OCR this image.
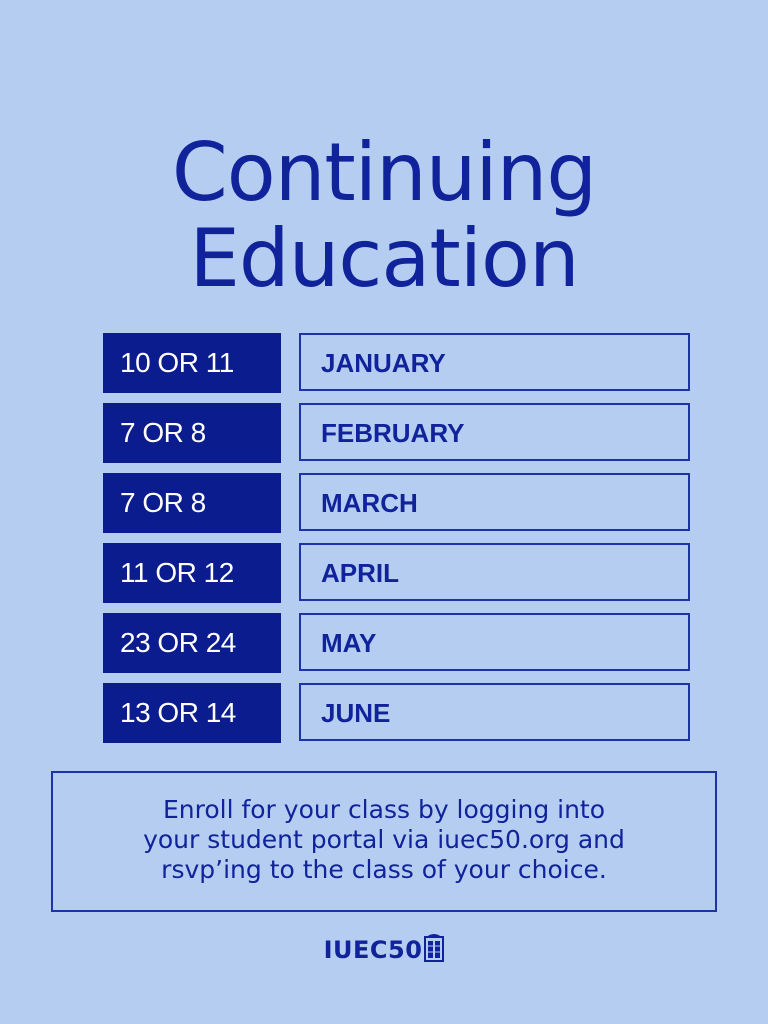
Continuing
Education
10 OR 11	JANUARY
7 OR 8	FEBRUARY
7 OR 8	MARCH
11 OR 12	APRIL
23 OR 24	MAY
13 OR 14	JUNE
Enroll for your class by logging into
your student portal via iuec50.org and
rsvp’ing to the class of your choice.
IUEC50
